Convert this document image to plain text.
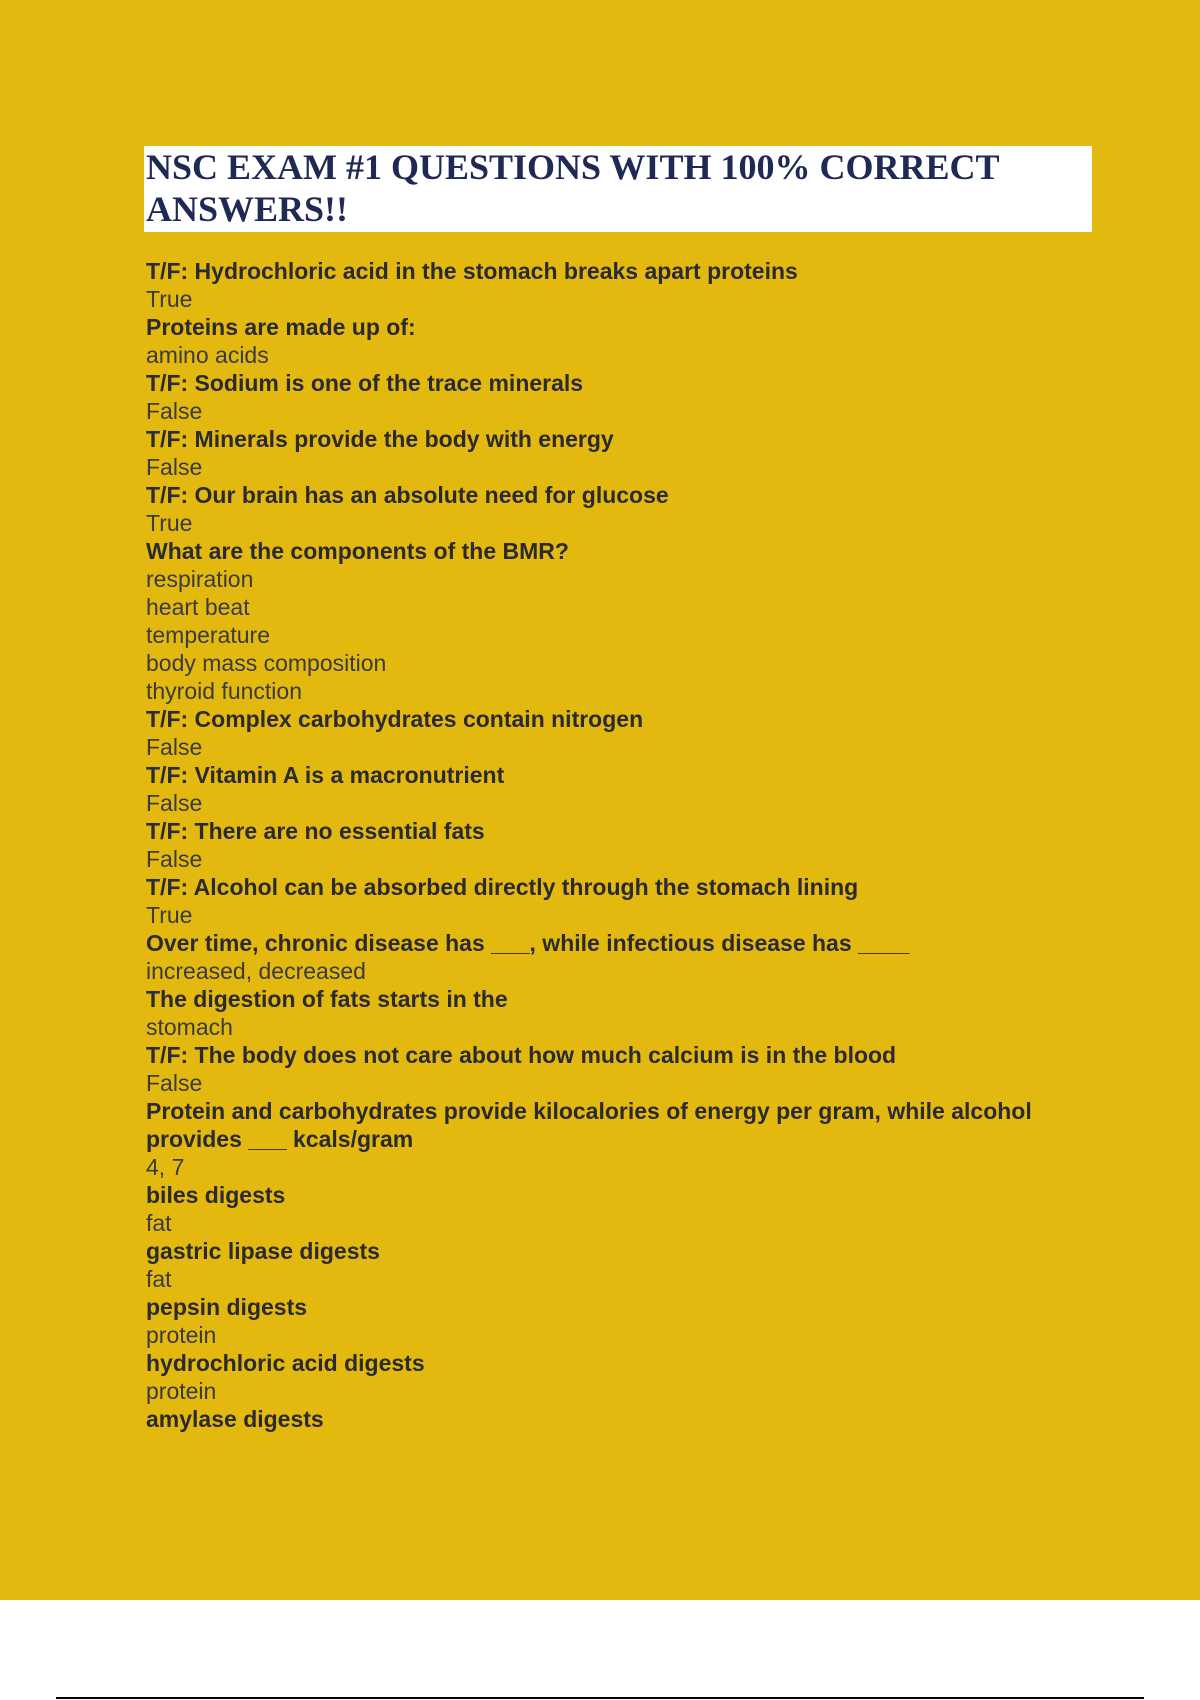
NSC EXAM #1 QUESTIONS WITH 100% CORRECT ANSWERS!!
T/F: Hydrochloric acid in the stomach breaks apart proteins
True
Proteins are made up of:
amino acids
T/F: Sodium is one of the trace minerals
False
T/F: Minerals provide the body with energy
False
T/F: Our brain has an absolute need for glucose
True
What are the components of the BMR?
respiration
heart beat
temperature
body mass composition
thyroid function
T/F: Complex carbohydrates contain nitrogen
False
T/F: Vitamin A is a macronutrient
False
T/F: There are no essential fats
False
T/F: Alcohol can be absorbed directly through the stomach lining
True
Over time, chronic disease has ___, while infectious disease has ____
increased, decreased
The digestion of fats starts in the
stomach
T/F: The body does not care about how much calcium is in the blood
False
Protein and carbohydrates provide kilocalories of energy per gram, while alcohol provides ___ kcals/gram
4, 7
biles digests
fat
gastric lipase digests
fat
pepsin digests
protein
hydrochloric acid digests
protein
amylase digests
